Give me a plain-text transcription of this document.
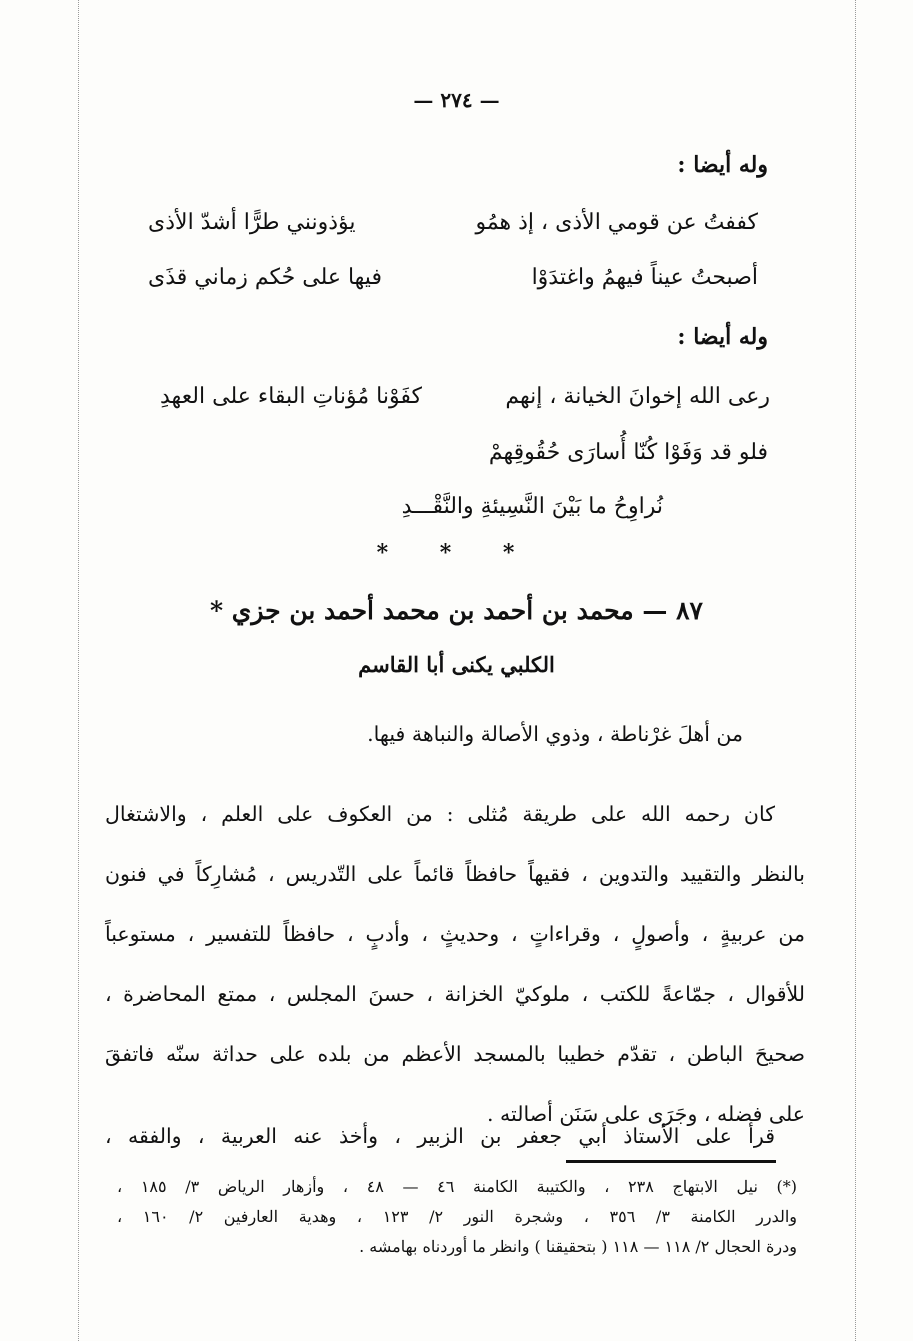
— ٢٧٤ —
وله أيضا :
كففتُ عن قومي الأذى ، إذ همُو
يؤذونني طرًّا أشدّ الأذى
أصبحتُ عيناً فيهمُ واغتدَوْا
فيها على حُكم زماني قذَى
وله أيضا :
رعى الله إخوانَ الخيانة ، إنهم
كفَوْنا مُؤناتِ البقاء على العهدِ
فلو قد وَفَوْا كُنّا أُسارَى حُقُوقِهمْ
نُراوِحُ ما بَيْنَ النَّسِيئةِ والنَّقْـــدِ
* * *
٨٧ — محمد بن أحمد بن محمد أحمد بن جزي *
الكلبي يكنى أبا القاسم
من أهلَ غرْناطة ، وذوي الأصالة والنباهة فيها.
كان رحمه الله على طريقة مُثلى : من العكوف على العلم ، والاشتغال
بالنظر والتقييد والتدوين ، فقيهاً حافظاً قائماً على التّدريس ، مُشارِكاً في فنون
من عربيةٍ ، وأصولٍ ، وقراءاتٍ ، وحديثٍ ، وأدبٍ ، حافظاً للتفسير ، مستوعباً
للأقوال ، جمّاعةً للكتب ، ملوكيّ الخزانة ، حسنَ المجلس ، ممتع المحاضرة ،
صحيحَ الباطن ، تقدّم خطيبا بالمسجد الأعظم من بلده على حداثة سنّه فاتفقَ
على فضله ، وجَرَى على سَنَن أصالته .
قرأ على الأستاذ أبي جعفر بن الزبير ، وأخذ عنه العربية ، والفقه ،
(*) نيل الابتهاج ٢٣٨ ، والكتيبة الكامنة ٤٦ — ٤٨ ، وأزهار الرياض ٣/ ١٨٥ ،
والدرر الكامنة ٣/ ٣٥٦ ، وشجرة النور ٢/ ١٢٣ ، وهدية العارفين ٢/ ١٦٠ ،
ودرة الحجال ٢/ ١١٨ — ١١٨ ( بتحقيقنا ) وانظر ما أوردناه بهامشه .
